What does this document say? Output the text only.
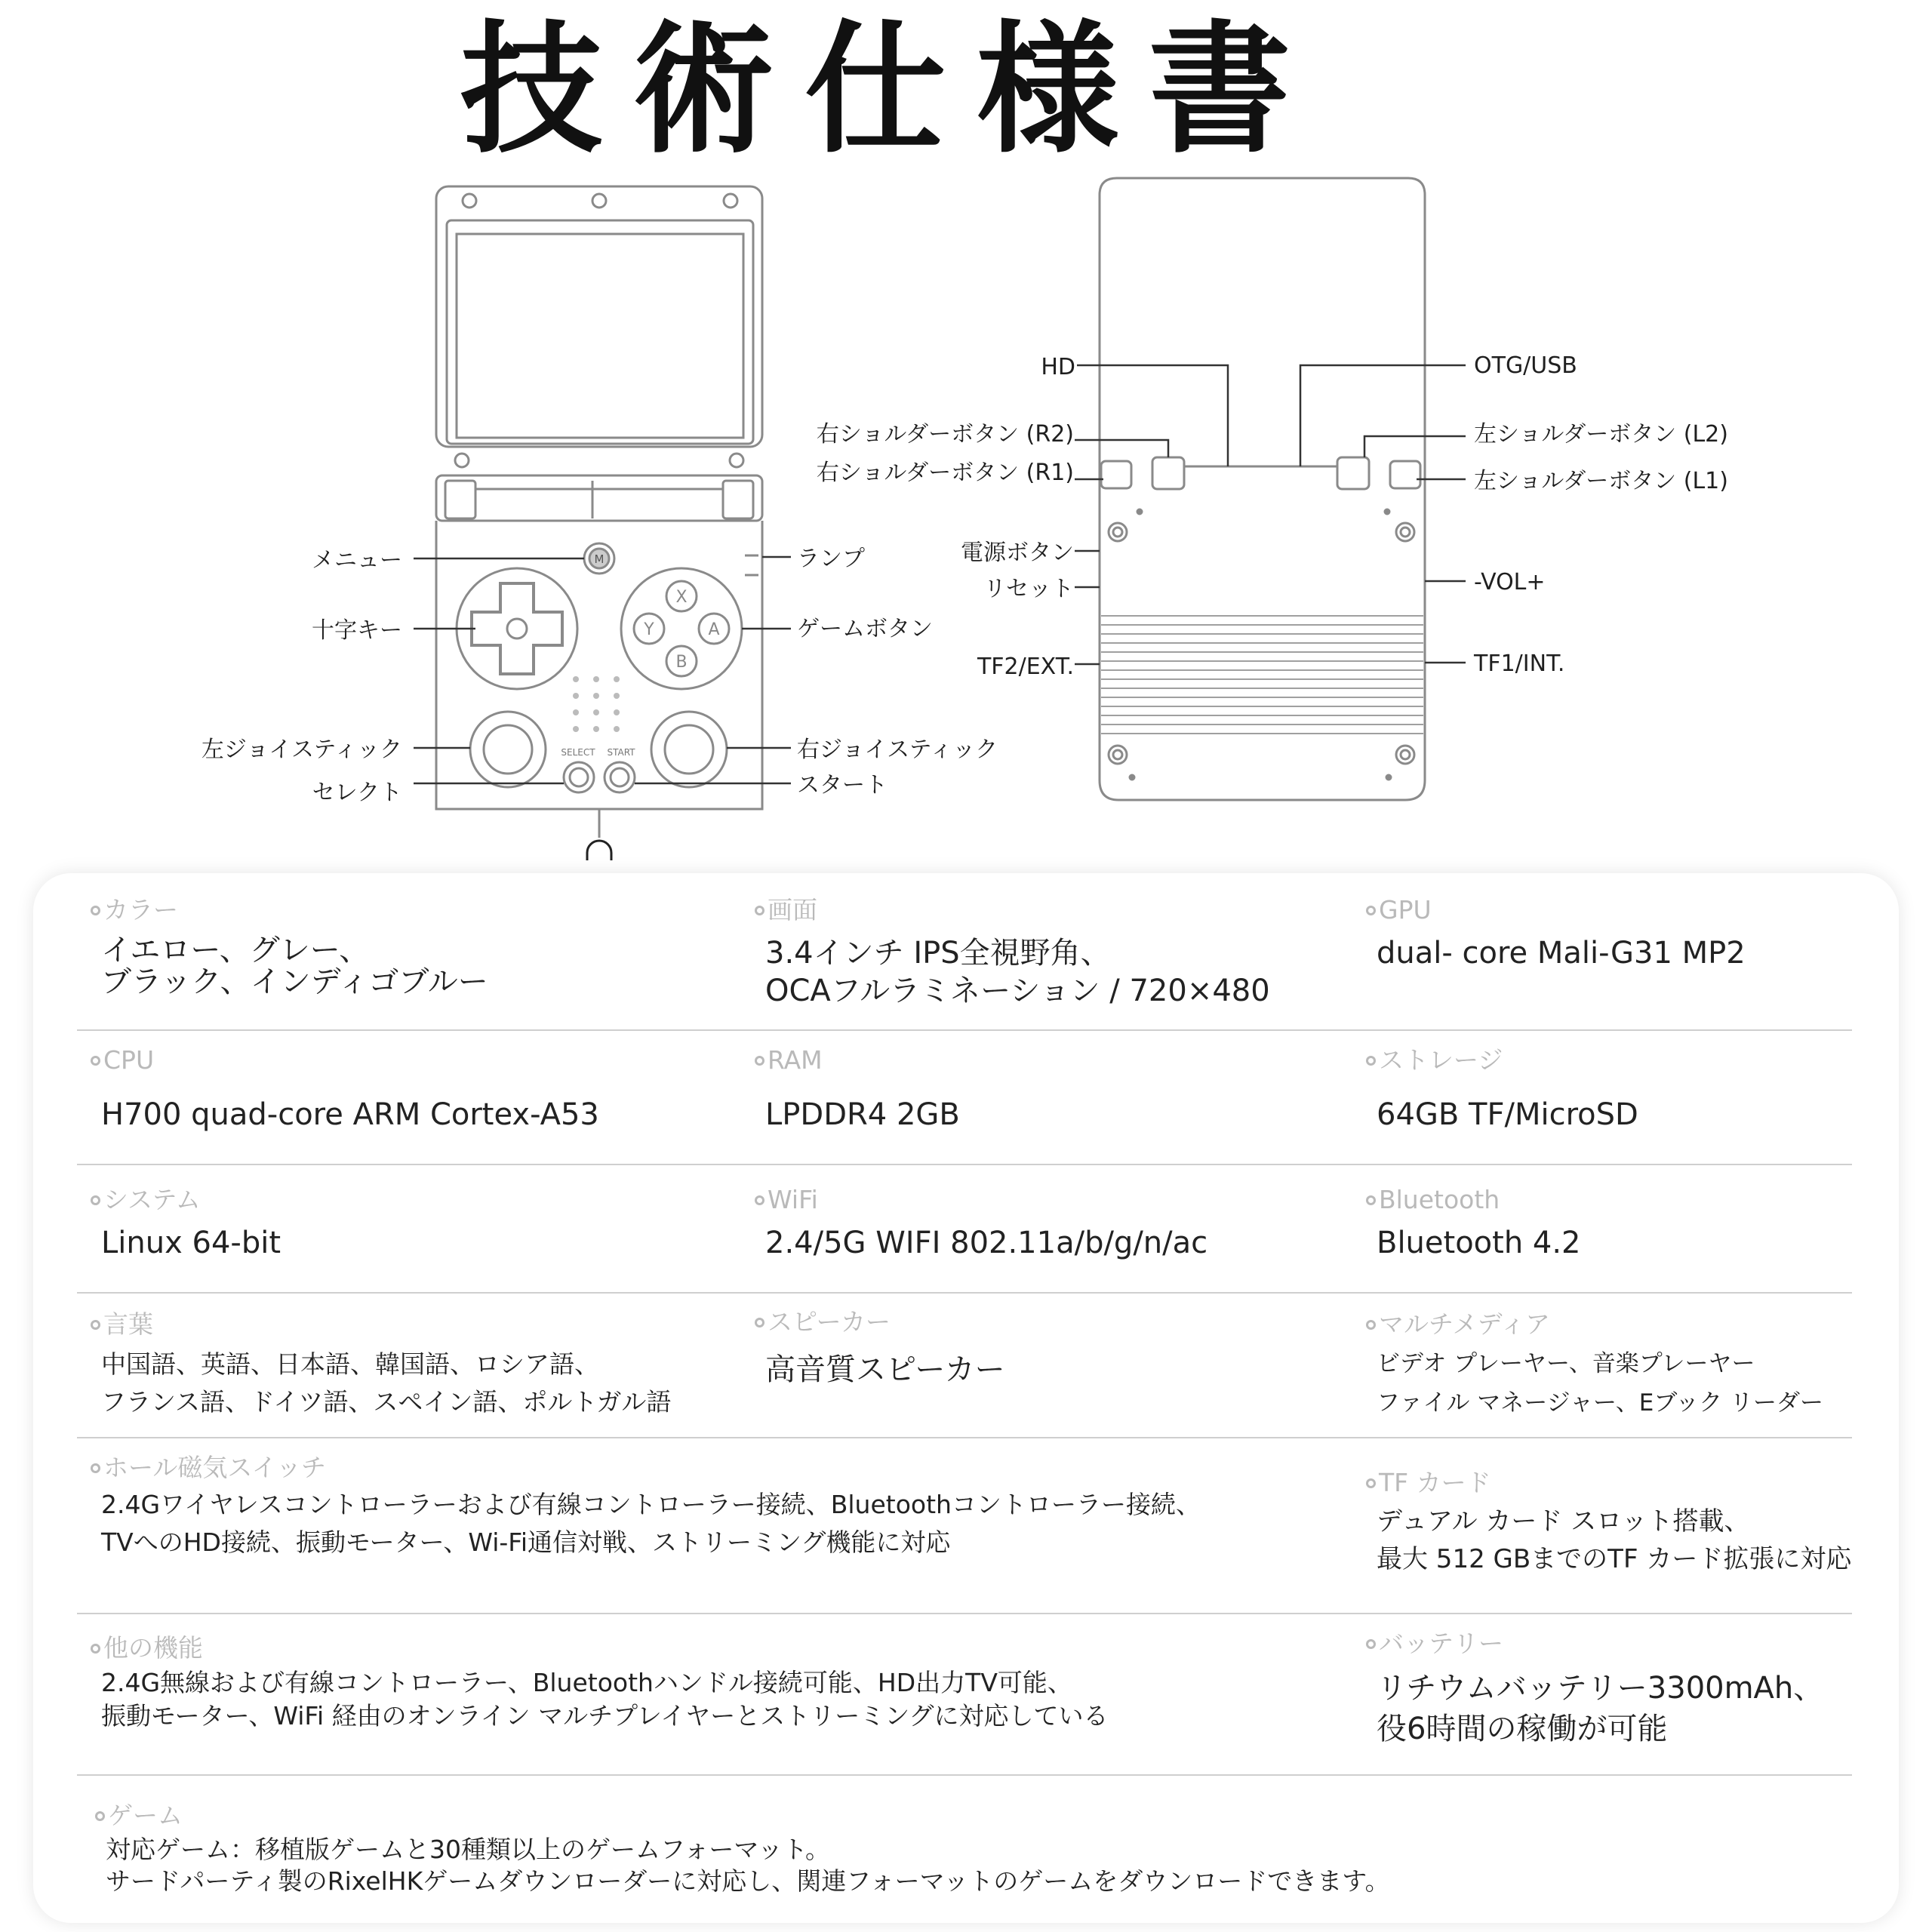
技術仕様書
M
X
Y	A
B
SELECT START
メニュー
十字キー
左ジョイスティック
セレクト
ランプ
ゲームボタン
右ジョイスティック
スタート
HD
右ショルダーボタン (R2)
右ショルダーボタン (R1)
電源ボタン
リセット
TF2/EXT.
OTG/USB
左ショルダーボタン (L2)
左ショルダーボタン (L1)
-VOL+
TF1/INT.
カラー
イエロー、グレー、
ブラック、インディゴブルー
画面
3.4インチ IPS全視野角、
OCAフルラミネーション / 720×480
GPU
dual- core Mali-G31 MP2
CPU
H700 quad-core ARM Cortex-A53
RAM
LPDDR4 2GB
ストレージ
64GB TF/MicroSD
システム
Linux 64-bit
WiFi
2.4/5G WIFI 802.11a/b/g/n/ac
Bluetooth
Bluetooth 4.2
言葉
中国語、英語、日本語、韓国語、ロシア語、
フランス語、ドイツ語、スペイン語、ポルトガル語
スピーカー
高音質スピーカー
マルチメディア
ビデオ プレーヤー、音楽プレーヤー
ファイル マネージャー、Eブック リーダー
ホール磁気スイッチ
2.4Gワイヤレスコントローラーおよび有線コントローラー接続、Bluetoothコントローラー接続、
TVへのHD接続、振動モーター、Wi-Fi通信対戦、ストリーミング機能に対応
TF カード
デュアル カード スロット搭載、
最大 512 GBまでのTF カード拡張に対応
他の機能
2.4G無線および有線コントローラー、Bluetoothハンドル接続可能、HD出力TV可能、
振動モーター、WiFi 経由のオンライン マルチプレイヤーとストリーミングに対応している
バッテリー
リチウムバッテリー3300mAh、
役6時間の稼働が可能
ゲーム
対応ゲーム：移植版ゲームと30種類以上のゲームフォーマット。
サードパーティ製のRixelHKゲームダウンローダーに対応し、関連フォーマットのゲームをダウンロードできます。
